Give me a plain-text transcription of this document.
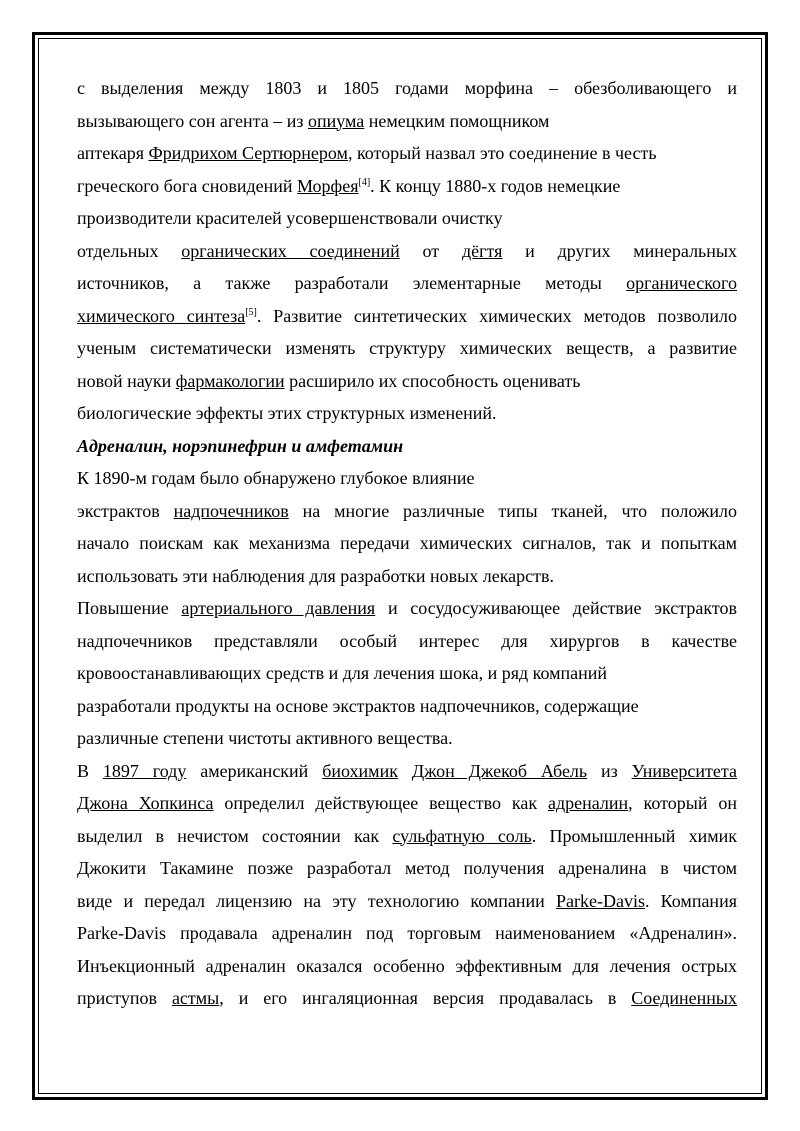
с выделения между 1803 и 1805 годами морфина – обезболивающего и
вызывающего сон агента – из опиума немецким помощником
аптекаря Фридрихом Сертюрнером, который назвал это соединение в честь
греческого бога сновидений Морфея[4]. К концу 1880-х годов немецкие
производители красителей усовершенствовали очистку
отдельных органических соединений от дёгтя и других минеральных
источников, а также разработали элементарные методы органического
химического синтеза[5]. Развитие синтетических химических методов позволило
ученым систематически изменять структуру химических веществ, а развитие
новой науки фармакологии расширило их способность оценивать
биологические эффекты этих структурных изменений.
Адреналин, норэпинефрин и амфетамин
К 1890-м годам было обнаружено глубокое влияние
экстрактов надпочечников на многие различные типы тканей, что положило
начало поискам как механизма передачи химических сигналов, так и попыткам
использовать эти наблюдения для разработки новых лекарств.
Повышение артериального давления и сосудосуживающее действие экстрактов
надпочечников представляли особый интерес для хирургов в качестве
кровоостанавливающих средств и для лечения шока, и ряд компаний
разработали продукты на основе экстрактов надпочечников, содержащие
различные степени чистоты активного вещества.
В 1897 году американский биохимик Джон Джекоб Абель из Университета
Джона Хопкинса определил действующее вещество как адреналин, который он
выделил в нечистом состоянии как сульфатную соль. Промышленный химик
Джокити Такамине позже разработал метод получения адреналина в чистом
виде и передал лицензию на эту технологию компании Parke-Davis. Компания
Parke-Davis продавала адреналин под торговым наименованием «Адреналин».
Инъекционный адреналин оказался особенно эффективным для лечения острых
приступов астмы, и его ингаляционная версия продавалась в Соединенных
